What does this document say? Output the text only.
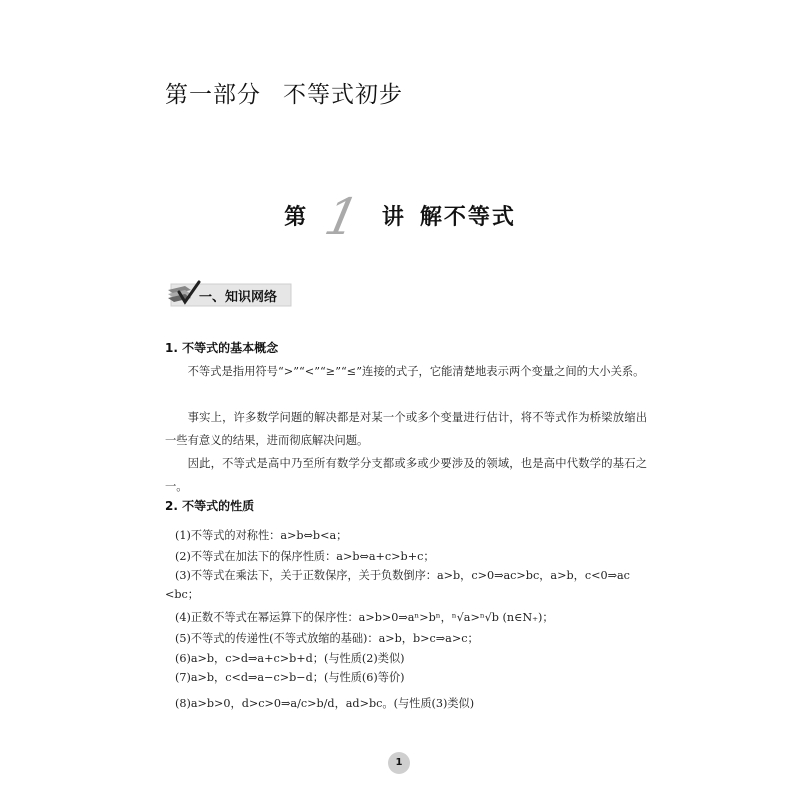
第一部分 不等式初步
第 1 讲 解不等式
一、知识网络
1. 不等式的基本概念
不等式是指用符号“>”“<”“≥”“≤”连接的式子，它能清楚地表示两个变量之间的大小关系。
事实上，许多数学问题的解决都是对某一个或多个变量进行估计，将不等式作为桥梁放缩出一些有意义的结果，进而彻底解决问题。
因此，不等式是高中乃至所有数学分支都或多或少要涉及的领域，也是高中代数学的基石之一。
2. 不等式的性质
(1)不等式的对称性：a>b⇔b<a；
(2)不等式在加法下的保序性质：a>b⇔a+c>b+c；
(3)不等式在乘法下，关于正数保序，关于负数倒序：a>b，c>0⇒ac>bc，a>b，c<0⇒ac
<bc；
(4)正数不等式在幂运算下的保序性：a>b>0⇒aⁿ>bⁿ，ⁿ√a>ⁿ√b (n∈N₊)；
(5)不等式的传递性(不等式放缩的基础)：a>b，b>c⇒a>c；
(6)a>b，c>d⇒a+c>b+d；(与性质(2)类似)
(7)a>b，c<d⇒a−c>b−d；(与性质(6)等价)
(8)a>b>0，d>c>0⇒a/c>b/d，ad>bc。(与性质(3)类似)
1
